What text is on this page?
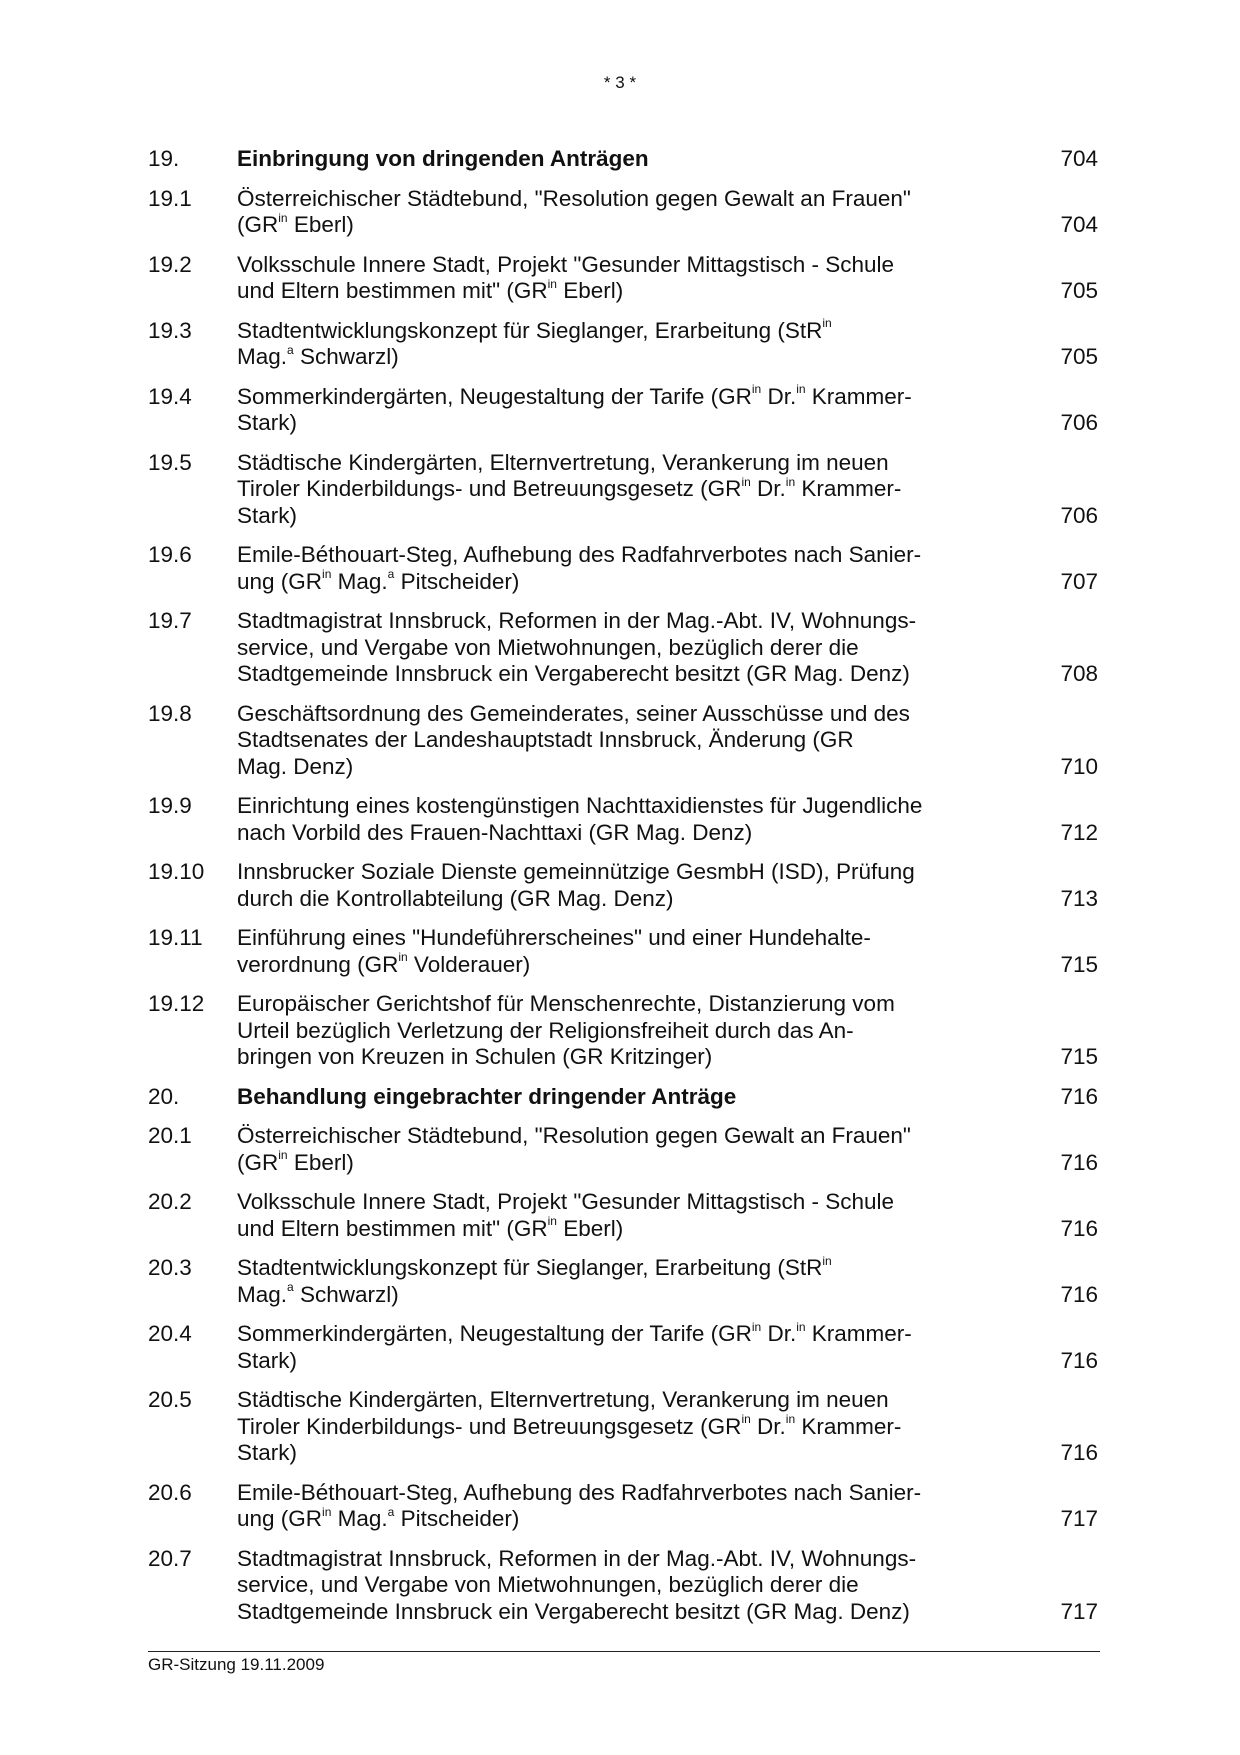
* 3 *
19.	Einbringung von dringenden Anträgen	704
19.1	Österreichischer Städtebund, "Resolution gegen Gewalt an Frauen"
($GR^{in}$ Eberl)	704
19.2	Volksschule Innere Stadt, Projekt "Gesunder Mittagstisch - Schule
und Eltern bestimmen mit" ($GR^{in}$ Eberl)	705
19.3	Stadtentwicklungskonzept für Sieglanger, Erarbeitung (StR$^{in}$
Mag.$^a$ Schwarzl)	705
19.4	Sommerkindergärten, Neugestaltung der Tarife ($GR^{in}$ Dr.$^{in}$ Krammer-
Stark)	706
19.5	Städtische Kindergärten, Elternvertretung, Verankerung im neuen
Tiroler Kinderbildungs- und Betreuungsgesetz ($GR^{in}$ Dr.$^{in}$ Krammer-
Stark)	706
19.6	Emile-Béthouart-Steg, Aufhebung des Radfahrverbotes nach Sanier-
ung ($GR^{in}$ Mag.$^a$ Pitscheider)	707
19.7	Stadtmagistrat Innsbruck, Reformen in der Mag.-Abt. IV, Wohnungs-
service, und Vergabe von Mietwohnungen, bezüglich derer die
Stadtgemeinde Innsbruck ein Vergaberecht besitzt (GR Mag. Denz)	708
19.8	Geschäftsordnung des Gemeinderates, seiner Ausschüsse und des
Stadtsenates der Landeshauptstadt Innsbruck, Änderung (GR
Mag. Denz)	710
19.9	Einrichtung eines kostengünstigen Nachttaxidienstes für Jugendliche
nach Vorbild des Frauen-Nachttaxi (GR Mag. Denz)	712
19.10	Innsbrucker Soziale Dienste gemeinnützige GesmbH (ISD), Prüfung
durch die Kontrollabteilung (GR Mag. Denz)	713
19.11	Einführung eines "Hundeführerscheines" und einer Hundehalte-
verordnung ($GR^{in}$ Volderauer)	715
19.12	Europäischer Gerichtshof für Menschenrechte, Distanzierung vom
Urteil bezüglich Verletzung der Religionsfreiheit durch das An-
bringen von Kreuzen in Schulen (GR Kritzinger)	715
20.	Behandlung eingebrachter dringender Anträge	716
20.1	Österreichischer Städtebund, "Resolution gegen Gewalt an Frauen"
($GR^{in}$ Eberl)	716
20.2	Volksschule Innere Stadt, Projekt "Gesunder Mittagstisch - Schule
und Eltern bestimmen mit" ($GR^{in}$ Eberl)	716
20.3	Stadtentwicklungskonzept für Sieglanger, Erarbeitung (StR$^{in}$
Mag.$^a$ Schwarzl)	716
20.4	Sommerkindergärten, Neugestaltung der Tarife ($GR^{in}$ Dr.$^{in}$ Krammer-
Stark)	716
20.5	Städtische Kindergärten, Elternvertretung, Verankerung im neuen
Tiroler Kinderbildungs- und Betreuungsgesetz ($GR^{in}$ Dr.$^{in}$ Krammer-
Stark)	716
20.6	Emile-Béthouart-Steg, Aufhebung des Radfahrverbotes nach Sanier-
ung ($GR^{in}$ Mag.$^a$ Pitscheider)	717
20.7	Stadtmagistrat Innsbruck, Reformen in der Mag.-Abt. IV, Wohnungs-
service, und Vergabe von Mietwohnungen, bezüglich derer die
Stadtgemeinde Innsbruck ein Vergaberecht besitzt (GR Mag. Denz)	717
GR-Sitzung 19.11.2009
